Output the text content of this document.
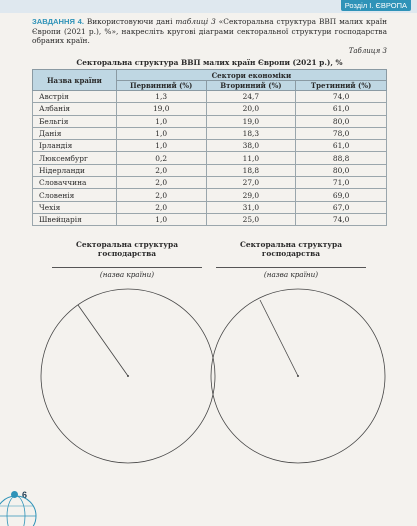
Розділ І. ЄВРОПА
ЗАВДАННЯ 4. Використовуючи дані таблиці 3 «Секторальна структура ВВП малих країн Європи (2021 р.), %», накресліть кругові діаграми секторальної структури господарства обраних країн.
Таблиця 3
Секторальна структура ВВП малих країн Європи (2021 р.), %
Назва країни	Сектори економіки		
	Первинний (%)	Вторинний (%)	Третинний (%)
Австрія	1,3	24,7	74,0
Албанія	19,0	20,0	61,0
Бельгія	1,0	19,0	80,0
Данія	1,0	18,3	78,0
Ірландія	1,0	38,0	61,0
Люксембург	0,2	11,0	88,8
Нідерланди	2,0	18,8	80,0
Словаччина	2,0	27,0	71,0
Словенія	2,0	29,0	69,0
Чехія	2,0	31,0	67,0
Швейцарія	1,0	25,0	74,0
Секторальна структура
господарства
(назва країни)
Секторальна структура
господарства
(назва країни)
6
